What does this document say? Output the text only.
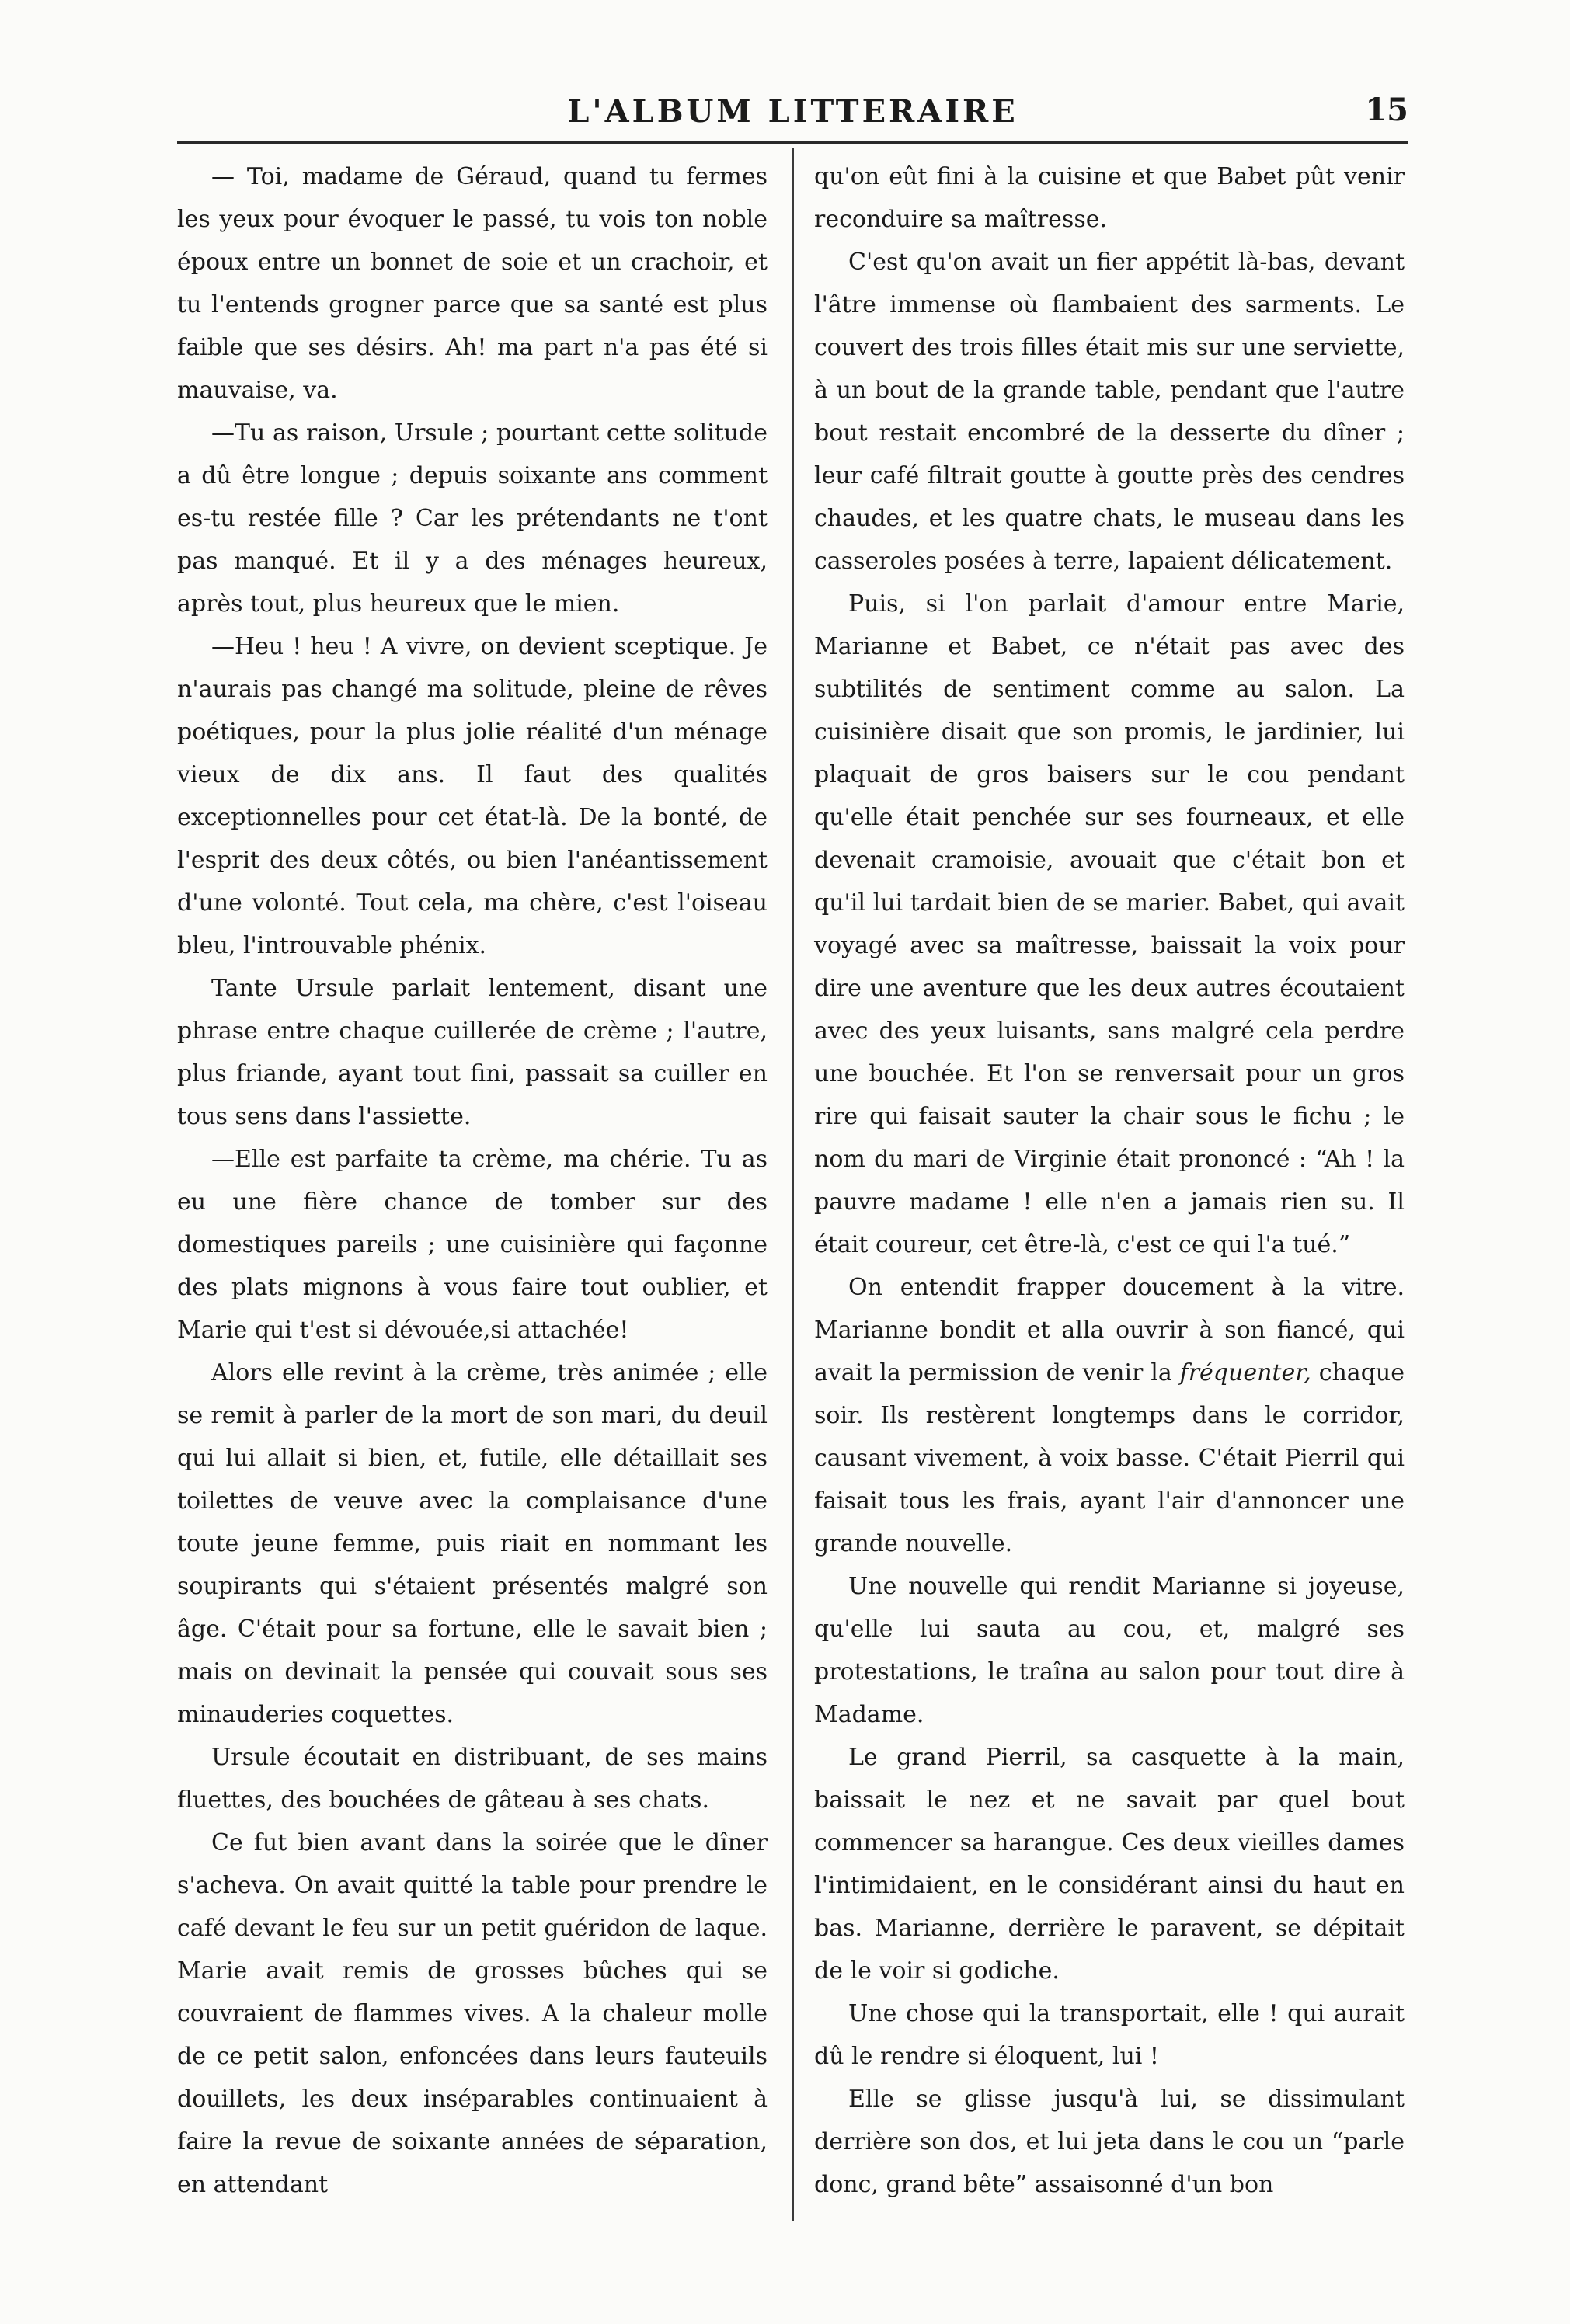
L'ALBUM LITTERAIRE	15

— Toi, madame de Géraud, quand tu fermes les yeux pour évoquer le passé, tu vois ton noble époux entre un bonnet de soie et un crachoir, et tu l'entends grogner parce que sa santé est plus faible que ses désirs. Ah! ma part n'a pas été si mauvaise, va.

—Tu as raison, Ursule ; pourtant cette solitude a dû être longue ; depuis soixante ans comment es-tu restée fille ? Car les prétendants ne t'ont pas manqué. Et il y a des ménages heureux, après tout, plus heureux que le mien.

—Heu ! heu ! A vivre, on devient sceptique. Je n'aurais pas changé ma solitude, pleine de rêves poétiques, pour la plus jolie réalité d'un ménage vieux de dix ans. Il faut des qualités exceptionnelles pour cet état-là. De la bonté, de l'esprit des deux côtés, ou bien l'anéantissement d'une volonté. Tout cela, ma chère, c'est l'oiseau bleu, l'introuvable phénix.

Tante Ursule parlait lentement, disant une phrase entre chaque cuillerée de crème ; l'autre, plus friande, ayant tout fini, passait sa cuiller en tous sens dans l'assiette.

—Elle est parfaite ta crème, ma chérie. Tu as eu une fière chance de tomber sur des domestiques pareils ; une cuisinière qui façonne des plats mignons à vous faire tout oublier, et Marie qui t'est si dévouée,si attachée!

Alors elle revint à la crème, très animée ; elle se remit à parler de la mort de son mari, du deuil qui lui allait si bien, et, futile, elle détaillait ses toilettes de veuve avec la complaisance d'une toute jeune femme, puis riait en nommant les soupirants qui s'étaient présentés malgré son âge. C'était pour sa fortune, elle le savait bien ; mais on devinait la pensée qui couvait sous ses minauderies coquettes.

Ursule écoutait en distribuant, de ses mains fluettes, des bouchées de gâteau à ses chats.

Ce fut bien avant dans la soirée que le dîner s'acheva. On avait quitté la table pour prendre le café devant le feu sur un petit guéridon de laque. Marie avait remis de grosses bûches qui se couvraient de flammes vives. A la chaleur molle de ce petit salon, enfoncées dans leurs fauteuils douillets, les deux inséparables continuaient à faire la revue de soixante années de séparation, en attendant

qu'on eût fini à la cuisine et que Babet pût venir reconduire sa maîtresse.

C'est qu'on avait un fier appétit là-bas, devant l'âtre immense où flambaient des sarments. Le couvert des trois filles était mis sur une serviette, à un bout de la grande table, pendant que l'autre bout restait encombré de la desserte du dîner ; leur café filtrait goutte à goutte près des cendres chaudes, et les quatre chats, le museau dans les casseroles posées à terre, lapaient délicatement.

Puis, si l'on parlait d'amour entre Marie, Marianne et Babet, ce n'était pas avec des subtilités de sentiment comme au salon. La cuisinière disait que son promis, le jardinier, lui plaquait de gros baisers sur le cou pendant qu'elle était penchée sur ses fourneaux, et elle devenait cramoisie, avouait que c'était bon et qu'il lui tardait bien de se marier. Babet, qui avait voyagé avec sa maîtresse, baissait la voix pour dire une aventure que les deux autres écoutaient avec des yeux luisants, sans malgré cela perdre une bouchée. Et l'on se renversait pour un gros rire qui faisait sauter la chair sous le fichu ; le nom du mari de Virginie était prononcé : “Ah ! la pauvre madame ! elle n'en a jamais rien su. Il était coureur, cet être-là, c'est ce qui l'a tué.”

On entendit frapper doucement à la vitre. Marianne bondit et alla ouvrir à son fiancé, qui avait la permission de venir la fréquenter, chaque soir. Ils restèrent longtemps dans le corridor, causant vivement, à voix basse. C'était Pierril qui faisait tous les frais, ayant l'air d'annoncer une grande nouvelle.

Une nouvelle qui rendit Marianne si joyeuse, qu'elle lui sauta au cou, et, malgré ses protestations, le traîna au salon pour tout dire à Madame.

Le grand Pierril, sa casquette à la main, baissait le nez et ne savait par quel bout commencer sa harangue. Ces deux vieilles dames l'intimidaient, en le considérant ainsi du haut en bas. Marianne, derrière le paravent, se dépitait de le voir si godiche.

Une chose qui la transportait, elle ! qui aurait dû le rendre si éloquent, lui !

Elle se glisse jusqu'à lui, se dissimulant derrière son dos, et lui jeta dans le cou un “parle donc, grand bête” assaisonné d'un bon
